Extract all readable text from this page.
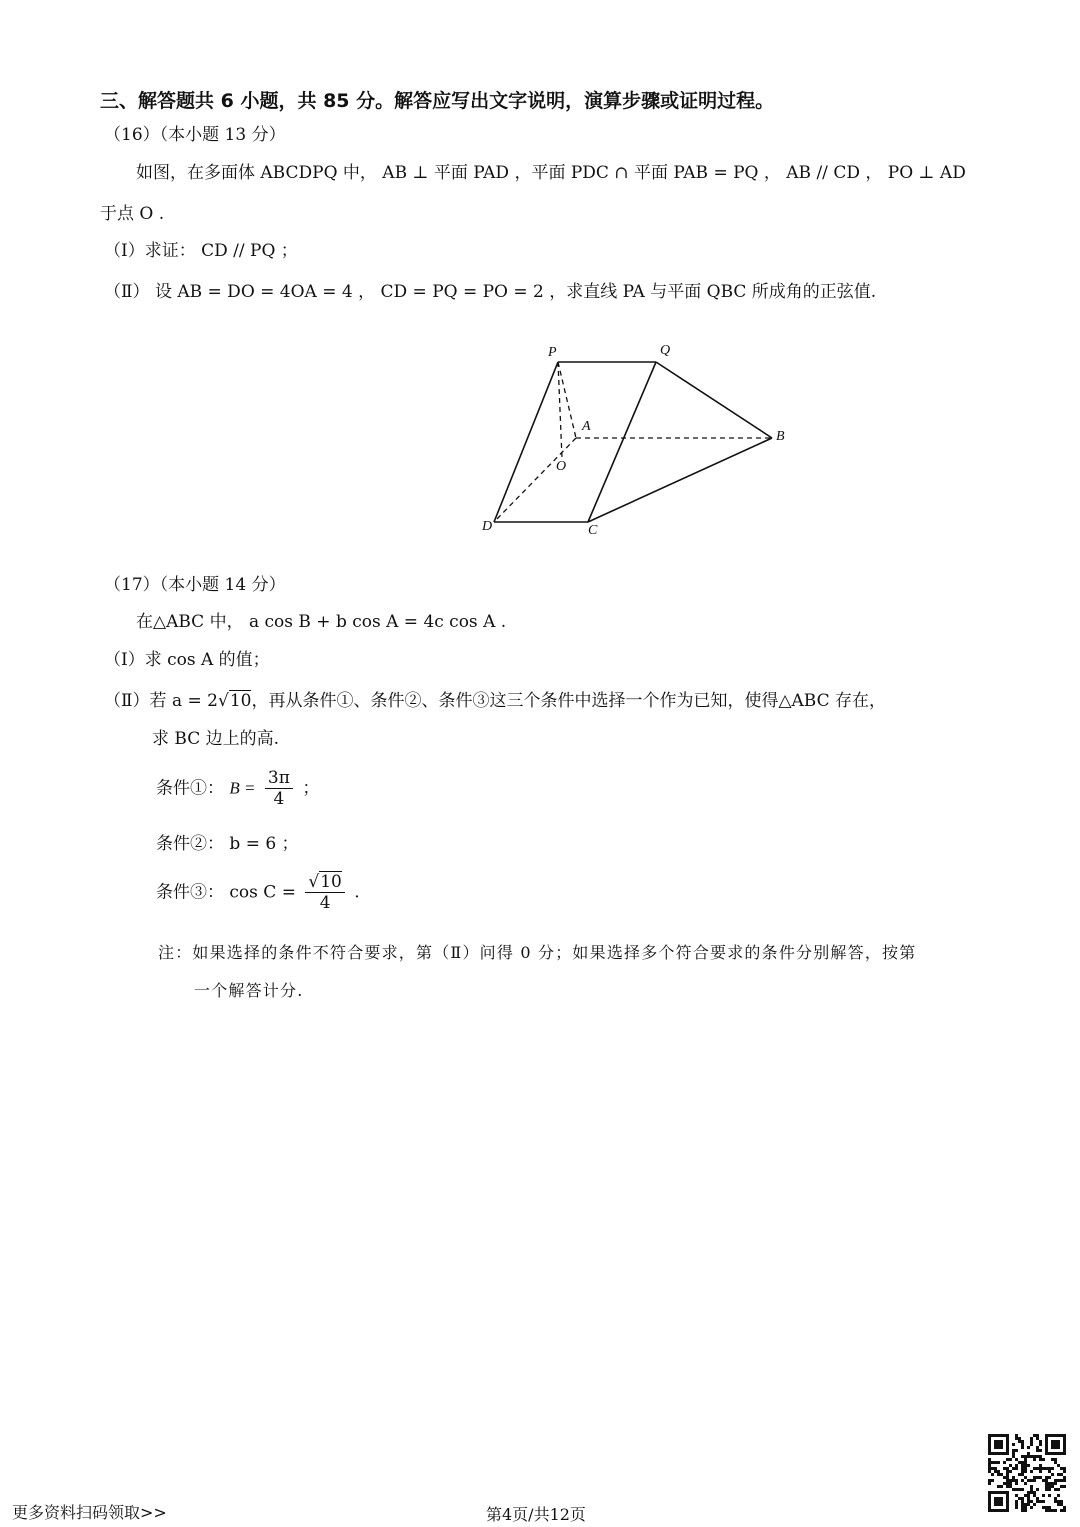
三、解答题共 6 小题，共 85 分。解答应写出文字说明，演算步骤或证明过程。
（16）（本小题 13 分）
如图，在多面体 ABCDPQ 中， AB ⊥ 平面 PAD ，平面 PDC ∩ 平面 PAB = PQ ， AB // CD ， PO ⊥ AD
于点 O .
（Ⅰ）求证： CD // PQ ；
（Ⅱ） 设 AB = DO = 4OA = 4 ， CD = PQ = PO = 2 ，求直线 PA 与平面 QBC 所成角的正弦值.
P	Q
A
B
O
D	C
（17）（本小题 14 分）
在△ABC 中， a cos B + b cos A = 4c cos A .
（Ⅰ）求 cos A 的值；
（Ⅱ）若 a = 2√10，再从条件①、条件②、条件③这三个条件中选择一个作为已知，使得△ABC 存在，
求 BC 边上的高.
条件①： $B = \frac{3\pi}{4}$ ；
条件②： b = 6 ；
条件③： $\cos C = \frac{√10}{4}$ .
注：如果选择的条件不符合要求，第（Ⅱ）问得 0 分；如果选择多个符合要求的条件分别解答，按第
一个解答计分.
更多资料扫码领取>>	第4页/共12页
